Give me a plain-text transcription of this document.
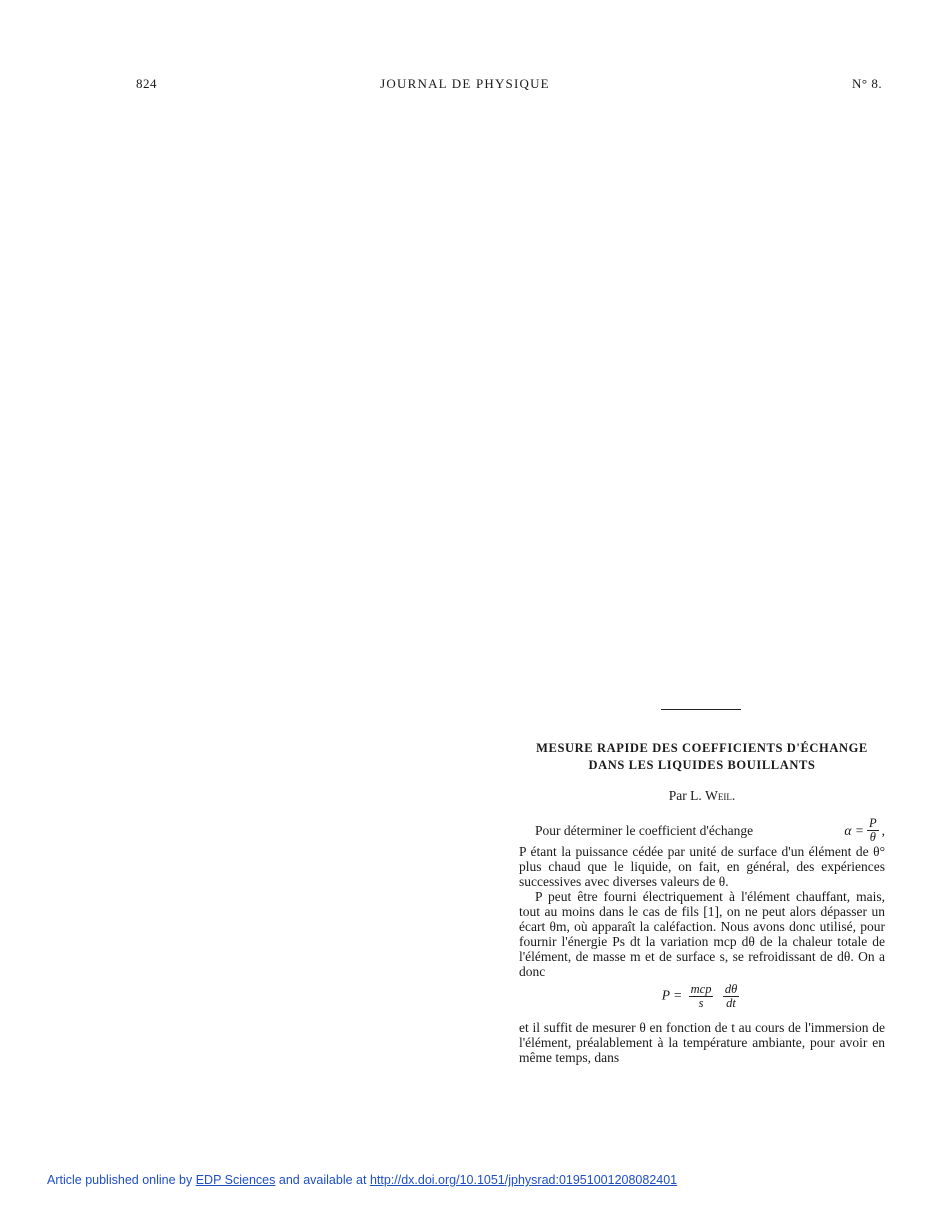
824	JOURNAL DE PHYSIQUE	N° 8.
MESURE RAPIDE DES COEFFICIENTS D'ÉCHANGE
DANS LES LIQUIDES BOUILLANTS
Par L. Weil.
Pour déterminer le coefficient d'échange	$\alpha = \frac{P}{\theta}$ ,

P étant la puissance cédée par unité de surface d'un élément de θ° plus chaud que le liquide, on fait, en général, des expériences successives avec diverses valeurs de θ.

P peut être fourni électriquement à l'élément chauffant, mais, tout au moins dans le cas de fils [1], on ne peut alors dépasser un écart θm, où apparaît la caléfaction. Nous avons donc utilisé, pour fournir l'énergie Ps dt la variation mcp dθ de la chaleur totale de l'élément, de masse m et de surface s, se refroidissant de dθ. On a donc

$P = \frac{\text{mcp}}{s}$
$\frac{d\theta}{dt}$

et il suffit de mesurer θ en fonction de t au cours de l'immersion de l'élément, préalablement à la température ambiante, pour avoir en même temps, dans

Article published online by EDP Sciences and available at http://dx.doi.org/10.1051/jphysrad:01951001208082401
